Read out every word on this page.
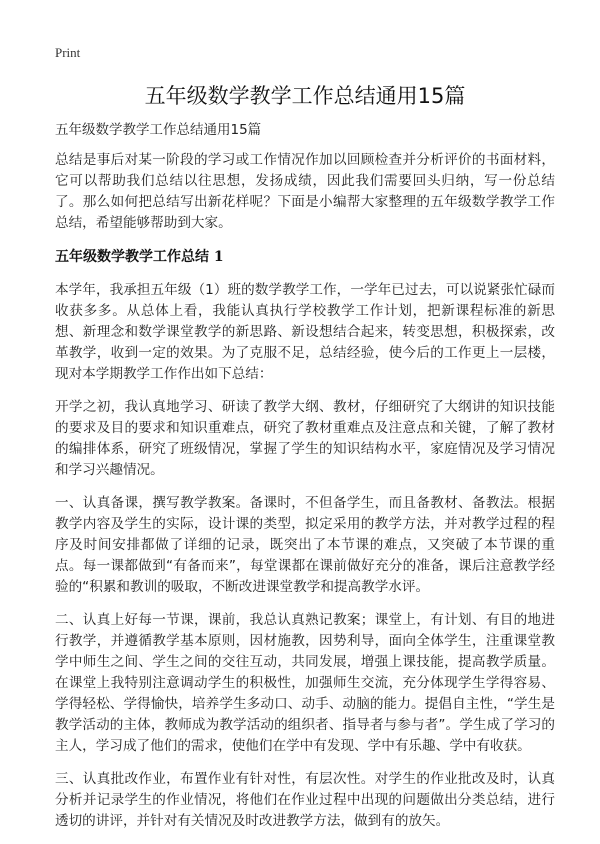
Print
五年级数学教学工作总结通用15篇
五年级数学教学工作总结通用15篇

总结是事后对某一阶段的学习或工作情况作加以回顾检查并分析评价的书面材料，它可以帮助我们总结以往思想，发扬成绩，因此我们需要回头归纳，写一份总结了。那么如何把总结写出新花样呢？下面是小编帮大家整理的五年级数学教学工作总结，希望能够帮助到大家。

五年级数学教学工作总结 1

本学年，我承担五年级（1）班的数学教学工作，一学年已过去，可以说紧张忙碌而收获多多。从总体上看，我能认真执行学校教学工作计划，把新课程标准的新思想、新理念和数学课堂教学的新思路、新设想结合起来，转变思想，积极探索，改革教学，收到一定的效果。为了克服不足，总结经验，使今后的工作更上一层楼，现对本学期教学工作作出如下总结：

开学之初，我认真地学习、研读了教学大纲、教材，仔细研究了大纲讲的知识技能的要求及目的要求和知识重难点，研究了教材重难点及注意点和关键，了解了教材的编排体系，研究了班级情况，掌握了学生的知识结构水平，家庭情况及学习情况和学习兴趣情况。

一、认真备课，撰写教学教案。备课时，不但备学生，而且备教材、备教法。根据教学内容及学生的实际，设计课的类型，拟定采用的教学方法，并对教学过程的程序及时间安排都做了详细的记录，既突出了本节课的难点，又突破了本节课的重点。每一课都做到“有备而来”，每堂课都在课前做好充分的准备，课后注意教学经验的“积累和教训的吸取，不断改进课堂教学和提高教学水评。

二、认真上好每一节课，课前，我总认真熟记教案；课堂上，有计划、有目的地进行教学，并遵循教学基本原则，因材施教，因势利导，面向全体学生，注重课堂教学中师生之间、学生之间的交往互动，共同发展，增强上课技能，提高教学质量。在课堂上我特别注意调动学生的积极性，加强师生交流，充分体现学生学得容易、学得轻松、学得愉快，培养学生多动口、动手、动脑的能力。提倡自主性，“学生是教学活动的主体，教师成为教学活动的组织者、指导者与参与者”。学生成了学习的主人，学习成了他们的需求，使他们在学中有发现、学中有乐趣、学中有收获。

三、认真批改作业，布置作业有针对性，有层次性。对学生的作业批改及时，认真分析并记录学生的作业情况，将他们在作业过程中出现的问题做出分类总结，进行透切的讲评，并针对有关情况及时改进教学方法，做到有的放矢。
